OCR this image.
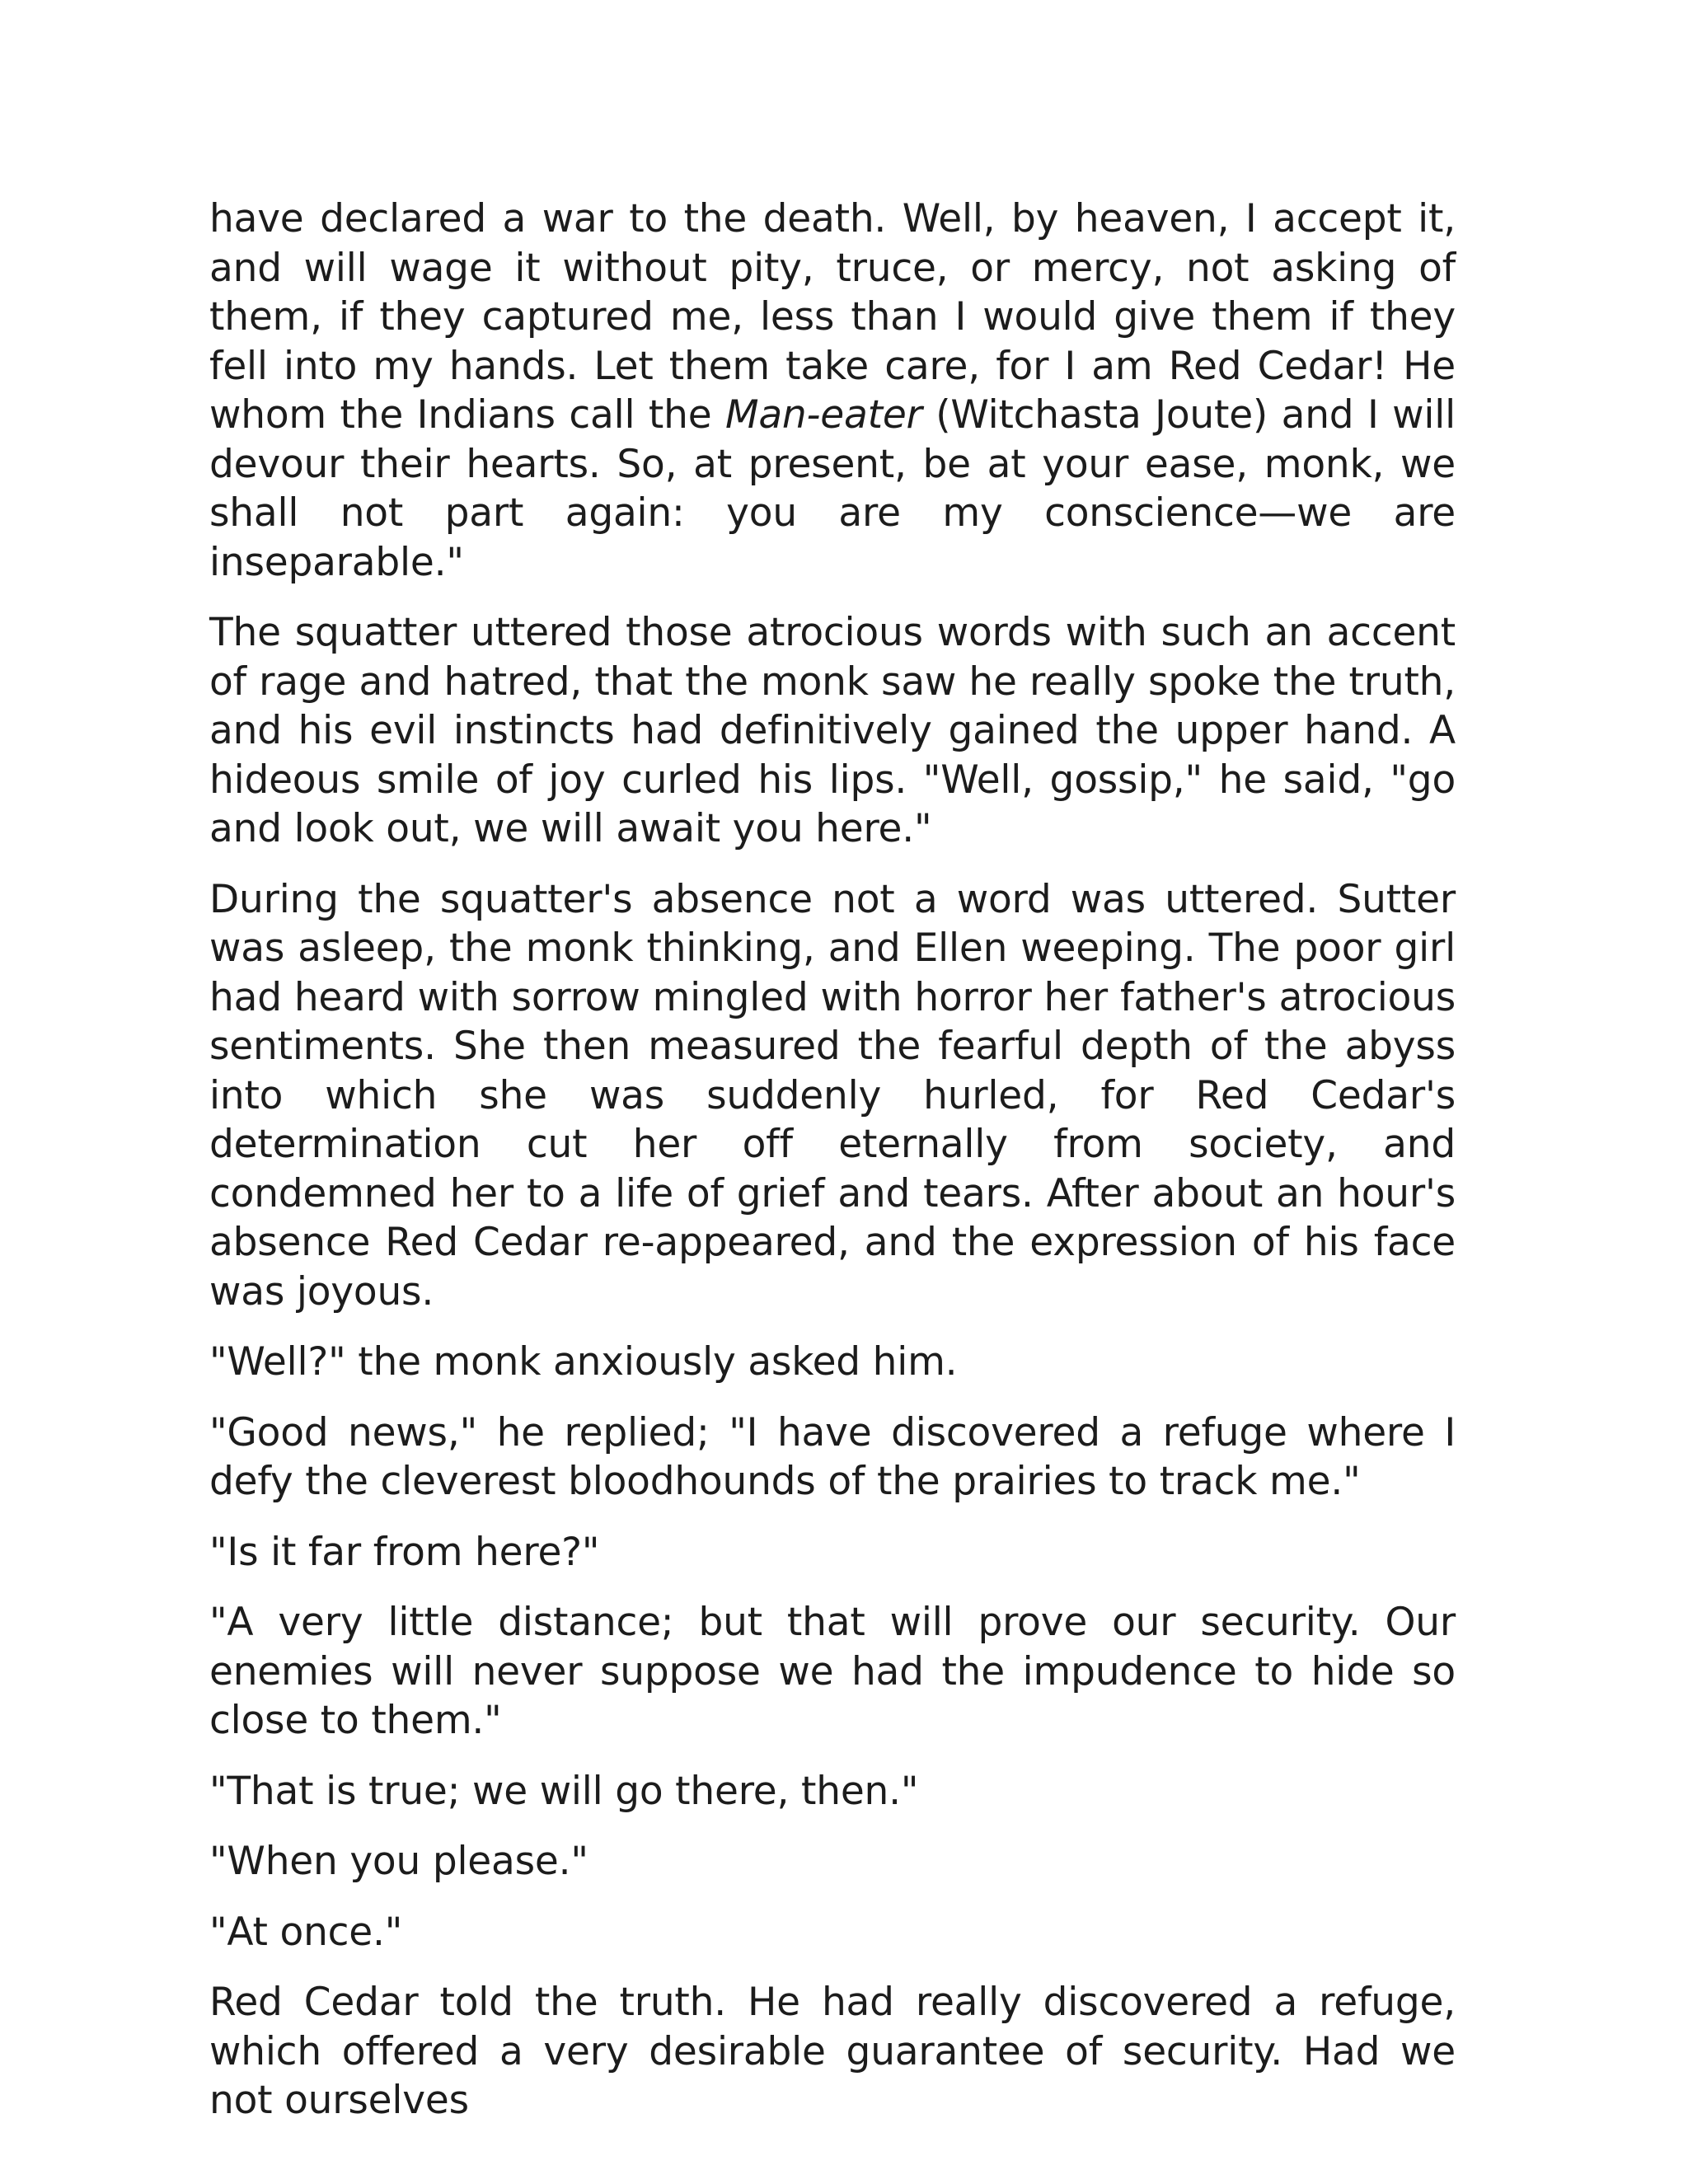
have declared a war to the death. Well, by heaven, I accept it, and will wage it without pity, truce, or mercy, not asking of them, if they captured me, less than I would give them if they fell into my hands. Let them take care, for I am Red Cedar! He whom the Indians call the Man-eater (Witchasta Joute) and I will devour their hearts. So, at present, be at your ease, monk, we shall not part again: you are my conscience—we are inseparable."

The squatter uttered those atrocious words with such an accent of rage and hatred, that the monk saw he really spoke the truth, and his evil instincts had definitively gained the upper hand. A hideous smile of joy curled his lips. "Well, gossip," he said, "go and look out, we will await you here."

During the squatter's absence not a word was uttered. Sutter was asleep, the monk thinking, and Ellen weeping. The poor girl had heard with sorrow mingled with horror her father's atrocious sentiments. She then measured the fearful depth of the abyss into which she was suddenly hurled, for Red Cedar's determination cut her off eternally from society, and condemned her to a life of grief and tears. After about an hour's absence Red Cedar re-appeared, and the expression of his face was joyous.

"Well?" the monk anxiously asked him.

"Good news," he replied; "I have discovered a refuge where I defy the cleverest bloodhounds of the prairies to track me."

"Is it far from here?"

"A very little distance; but that will prove our security. Our enemies will never suppose we had the impudence to hide so close to them."

"That is true; we will go there, then."

"When you please."

"At once."

Red Cedar told the truth. He had really discovered a refuge, which offered a very desirable guarantee of security. Had we not ourselves
